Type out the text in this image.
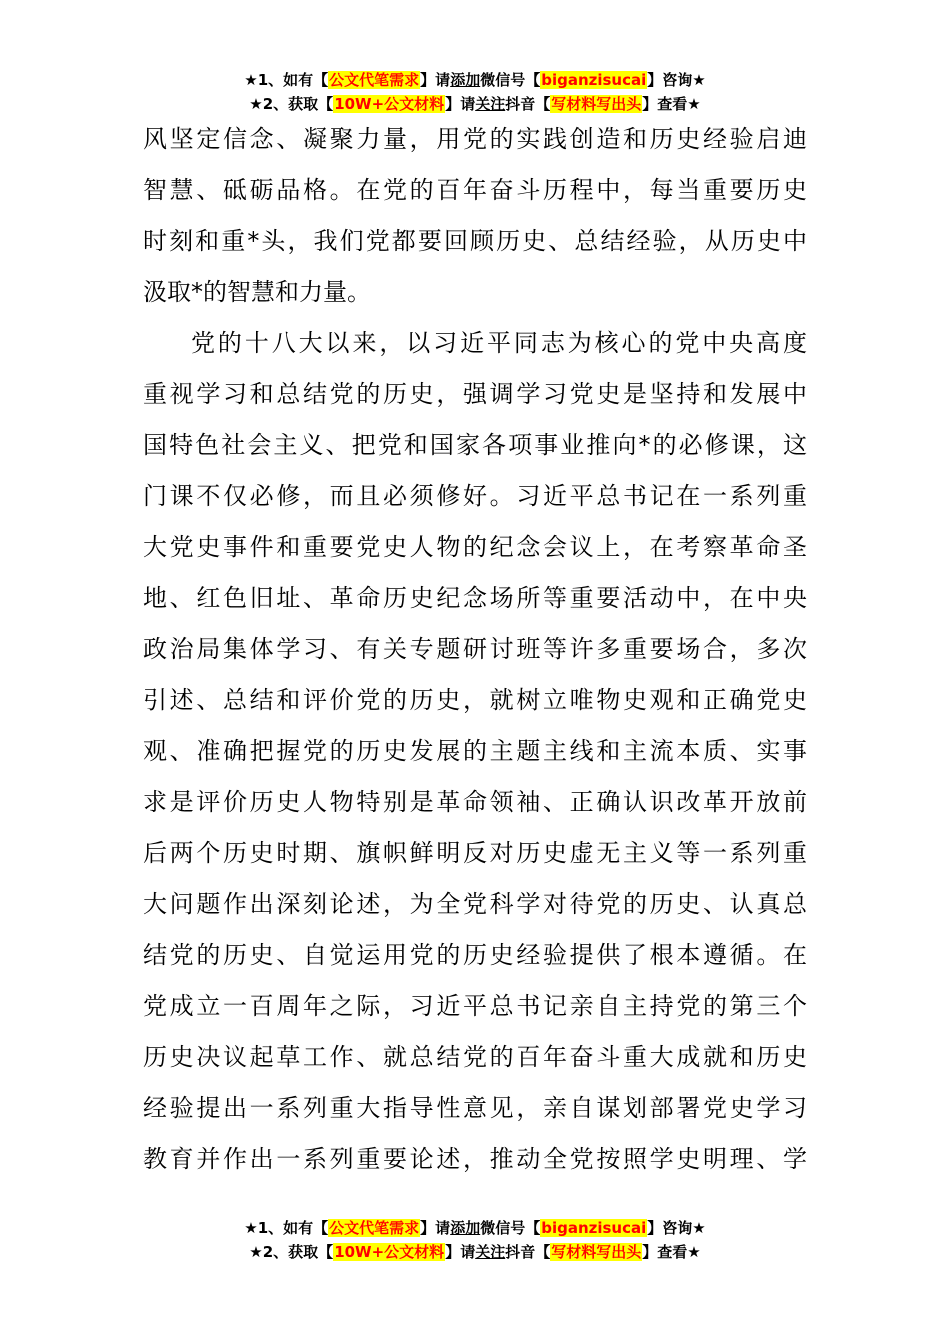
★1、如有【公文代笔需求】请添加微信号【biganzisucai】咨询★
★2、获取【10W+公文材料】请关注抖音【写材料写出头】查看★
风坚定信念、凝聚力量，用党的实践创造和历史经验启迪
智慧、砥砺品格。在党的百年奋斗历程中，每当重要历史
时刻和重*头，我们党都要回顾历史、总结经验，从历史中
汲取*的智慧和力量。
党的十八大以来，以习近平同志为核心的党中央高度
重视学习和总结党的历史，强调学习党史是坚持和发展中
国特色社会主义、把党和国家各项事业推向*的必修课，这
门课不仅必修，而且必须修好。习近平总书记在一系列重
大党史事件和重要党史人物的纪念会议上，在考察革命圣
地、红色旧址、革命历史纪念场所等重要活动中，在中央
政治局集体学习、有关专题研讨班等许多重要场合，多次
引述、总结和评价党的历史，就树立唯物史观和正确党史
观、准确把握党的历史发展的主题主线和主流本质、实事
求是评价历史人物特别是革命领袖、正确认识改革开放前
后两个历史时期、旗帜鲜明反对历史虚无主义等一系列重
大问题作出深刻论述，为全党科学对待党的历史、认真总
结党的历史、自觉运用党的历史经验提供了根本遵循。在
党成立一百周年之际，习近平总书记亲自主持党的第三个
历史决议起草工作、就总结党的百年奋斗重大成就和历史
经验提出一系列重大指导性意见，亲自谋划部署党史学习
教育并作出一系列重要论述，推动全党按照学史明理、学
★1、如有【公文代笔需求】请添加微信号【biganzisucai】咨询★
★2、获取【10W+公文材料】请关注抖音【写材料写出头】查看★
